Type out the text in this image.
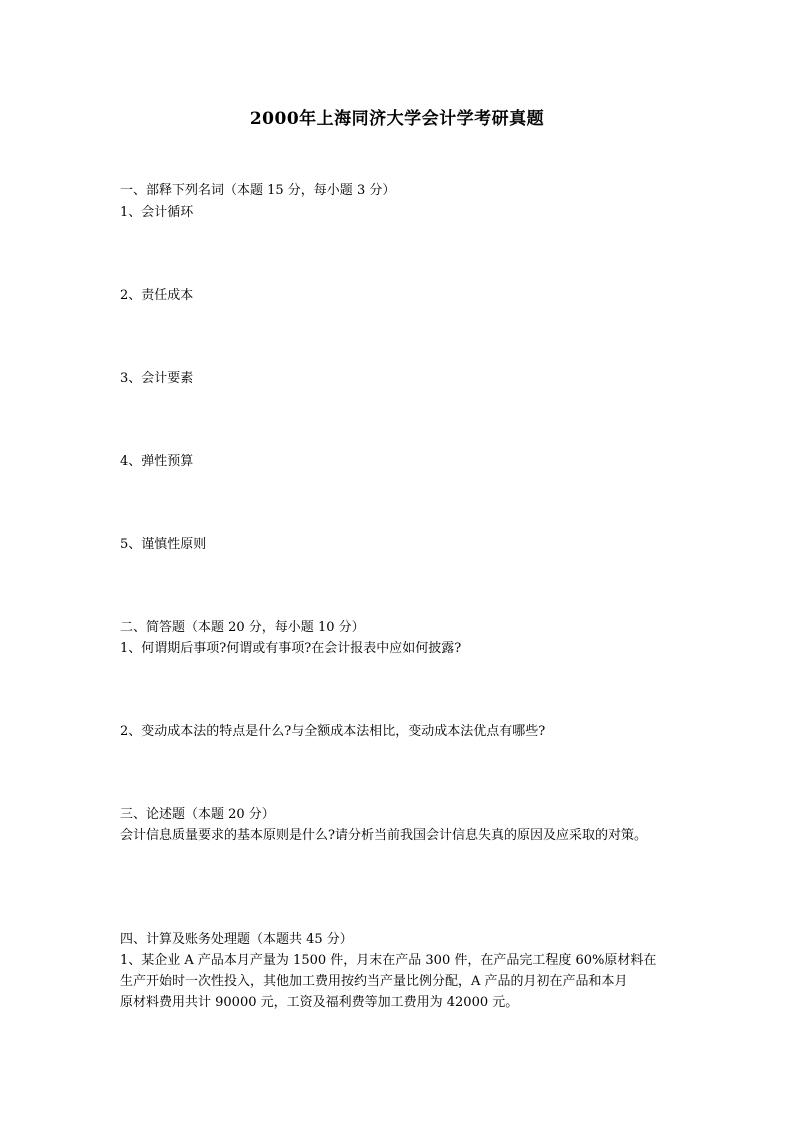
2000年上海同济大学会计学考研真题
一、部释下列名词（本题 15 分，每小题 3 分）
1、会计循环
2、责任成本
3、会计要素
4、弹性预算
5、谨慎性原则
二、简答题（本题 20 分，每小题 10 分）
1、何谓期后事项?何谓或有事项?在会计报表中应如何披露?
2、变动成本法的特点是什么?与全额成本法相比，变动成本法优点有哪些?
三、论述题（本题 20 分）
会计信息质量要求的基本原则是什么?请分析当前我国会计信息失真的原因及应采取的对策。
四、计算及账务处理题（本题共 45 分）
1、某企业 A 产品本月产量为 1500 件，月末在产品 300 件，在产品完工程度 60%原材料在
生产开始时一次性投入，其他加工费用按约当产量比例分配，A 产品的月初在产品和本月
原材料费用共计 90000 元，工资及福利费等加工费用为 42000 元。
